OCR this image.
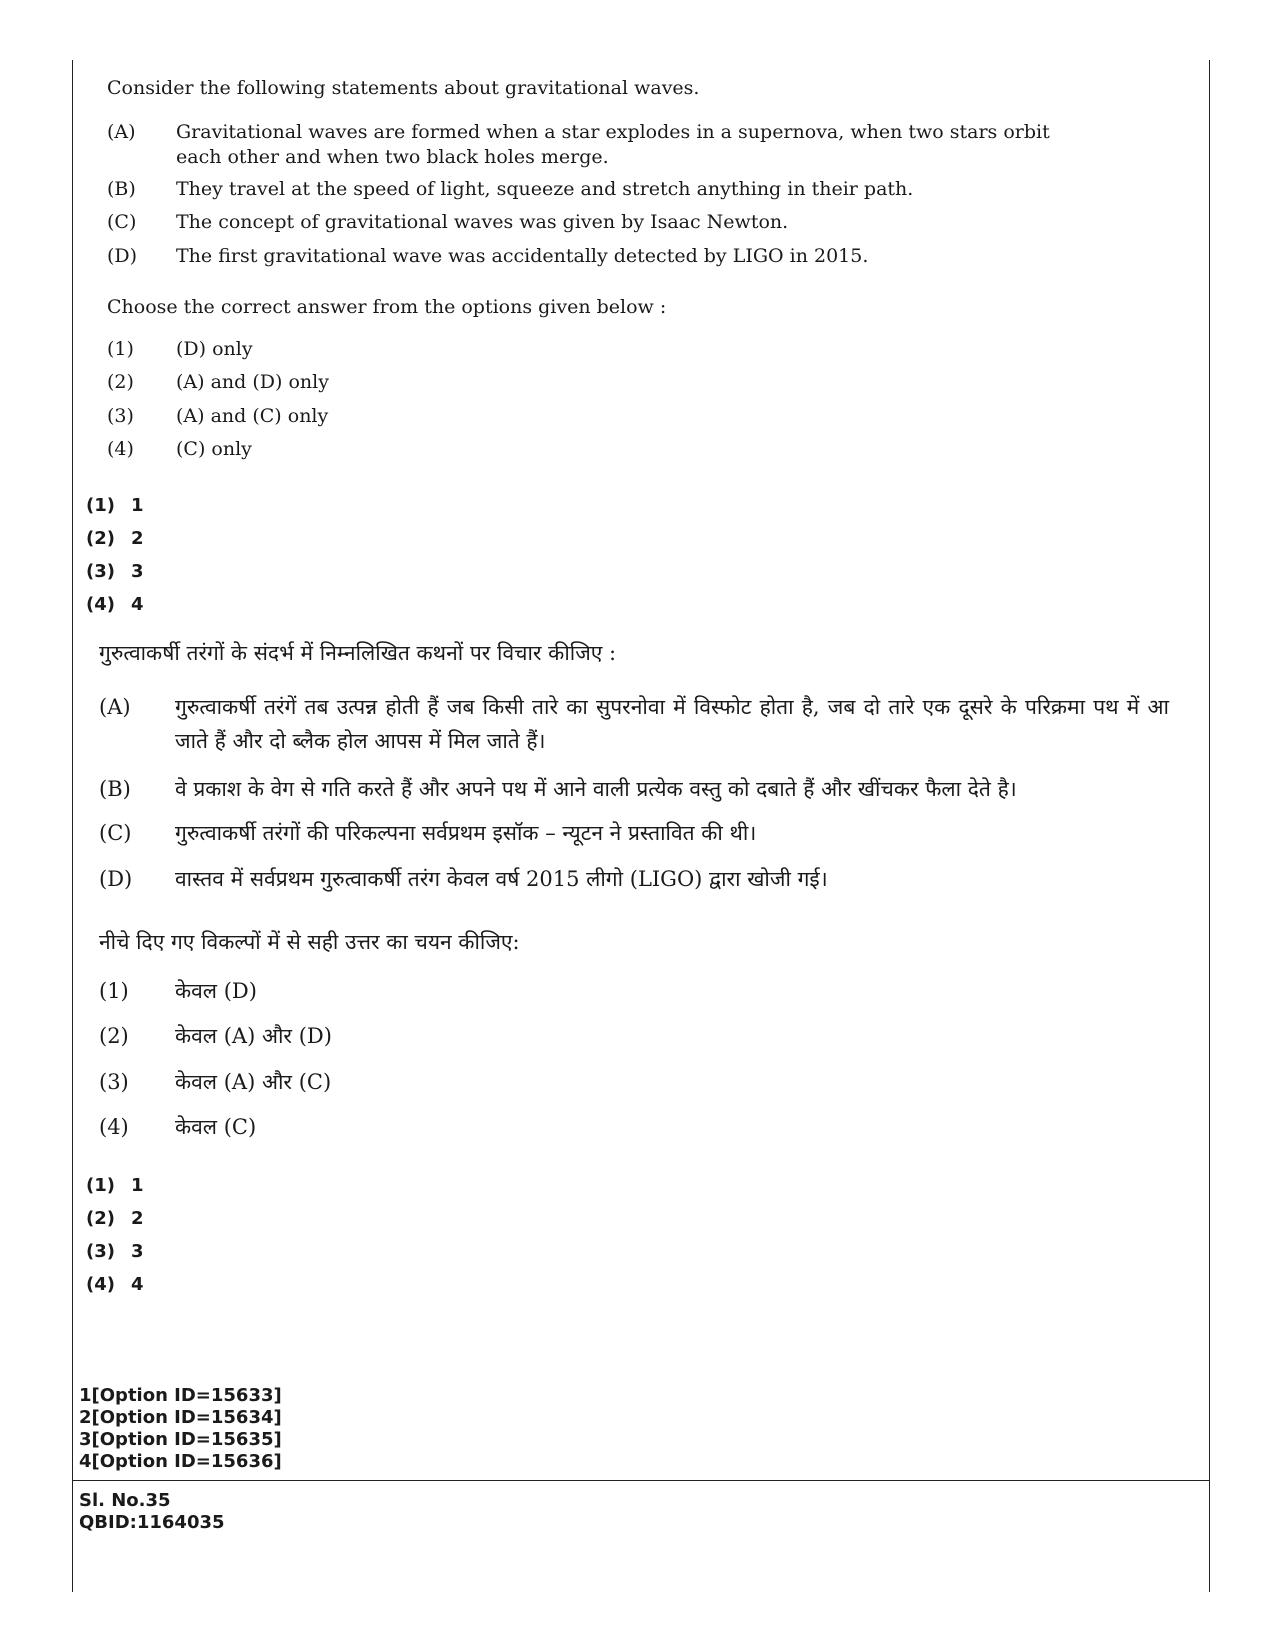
Consider the following statements about gravitational waves.
(A)	Gravitational waves are formed when a star explodes in a supernova, when two stars orbit each other and when two black holes merge.
(B)	They travel at the speed of light, squeeze and stretch anything in their path.
(C)	The concept of gravitational waves was given by Isaac Newton.
(D)	The first gravitational wave was accidentally detected by LIGO in 2015.
Choose the correct answer from the options given below :
(1)	(D) only
(2)	(A) and (D) only
(3)	(A) and (C) only
(4)	(C) only
(1) 1
(2) 2
(3) 3
(4) 4
गुरुत्वाकर्षी तरंगों के संदर्भ में निम्नलिखित कथनों पर विचार कीजिए :
(A)	गुरुत्वाकर्षी तरंगें तब उत्पन्न होती हैं जब किसी तारे का सुपरनोवा में विस्फोट होता है, जब दो तारे एक दूसरे के परिक्रमा पथ में आ जाते हैं और दो ब्लैक होल आपस में मिल जाते हैं।
(B)	वे प्रकाश के वेग से गति करते हैं और अपने पथ में आने वाली प्रत्येक वस्तु को दबाते हैं और खींचकर फैला देते है।
(C)	गुरुत्वाकर्षी तरंगों की परिकल्पना सर्वप्रथम इसॉक – न्यूटन ने प्रस्तावित की थी।
(D)	वास्तव में सर्वप्रथम गुरुत्वाकर्षी तरंग केवल वर्ष 2015 लीगो (LIGO) द्वारा खोजी गई।
नीचे दिए गए विकल्पों में से सही उत्तर का चयन कीजिए:
(1)	केवल (D)
(2)	केवल (A) और (D)
(3)	केवल (A) और (C)
(4)	केवल (C)
(1) 1
(2) 2
(3) 3
(4) 4
1[Option ID=15633]
2[Option ID=15634]
3[Option ID=15635]
4[Option ID=15636]
Sl. No.35
QBID:1164035
